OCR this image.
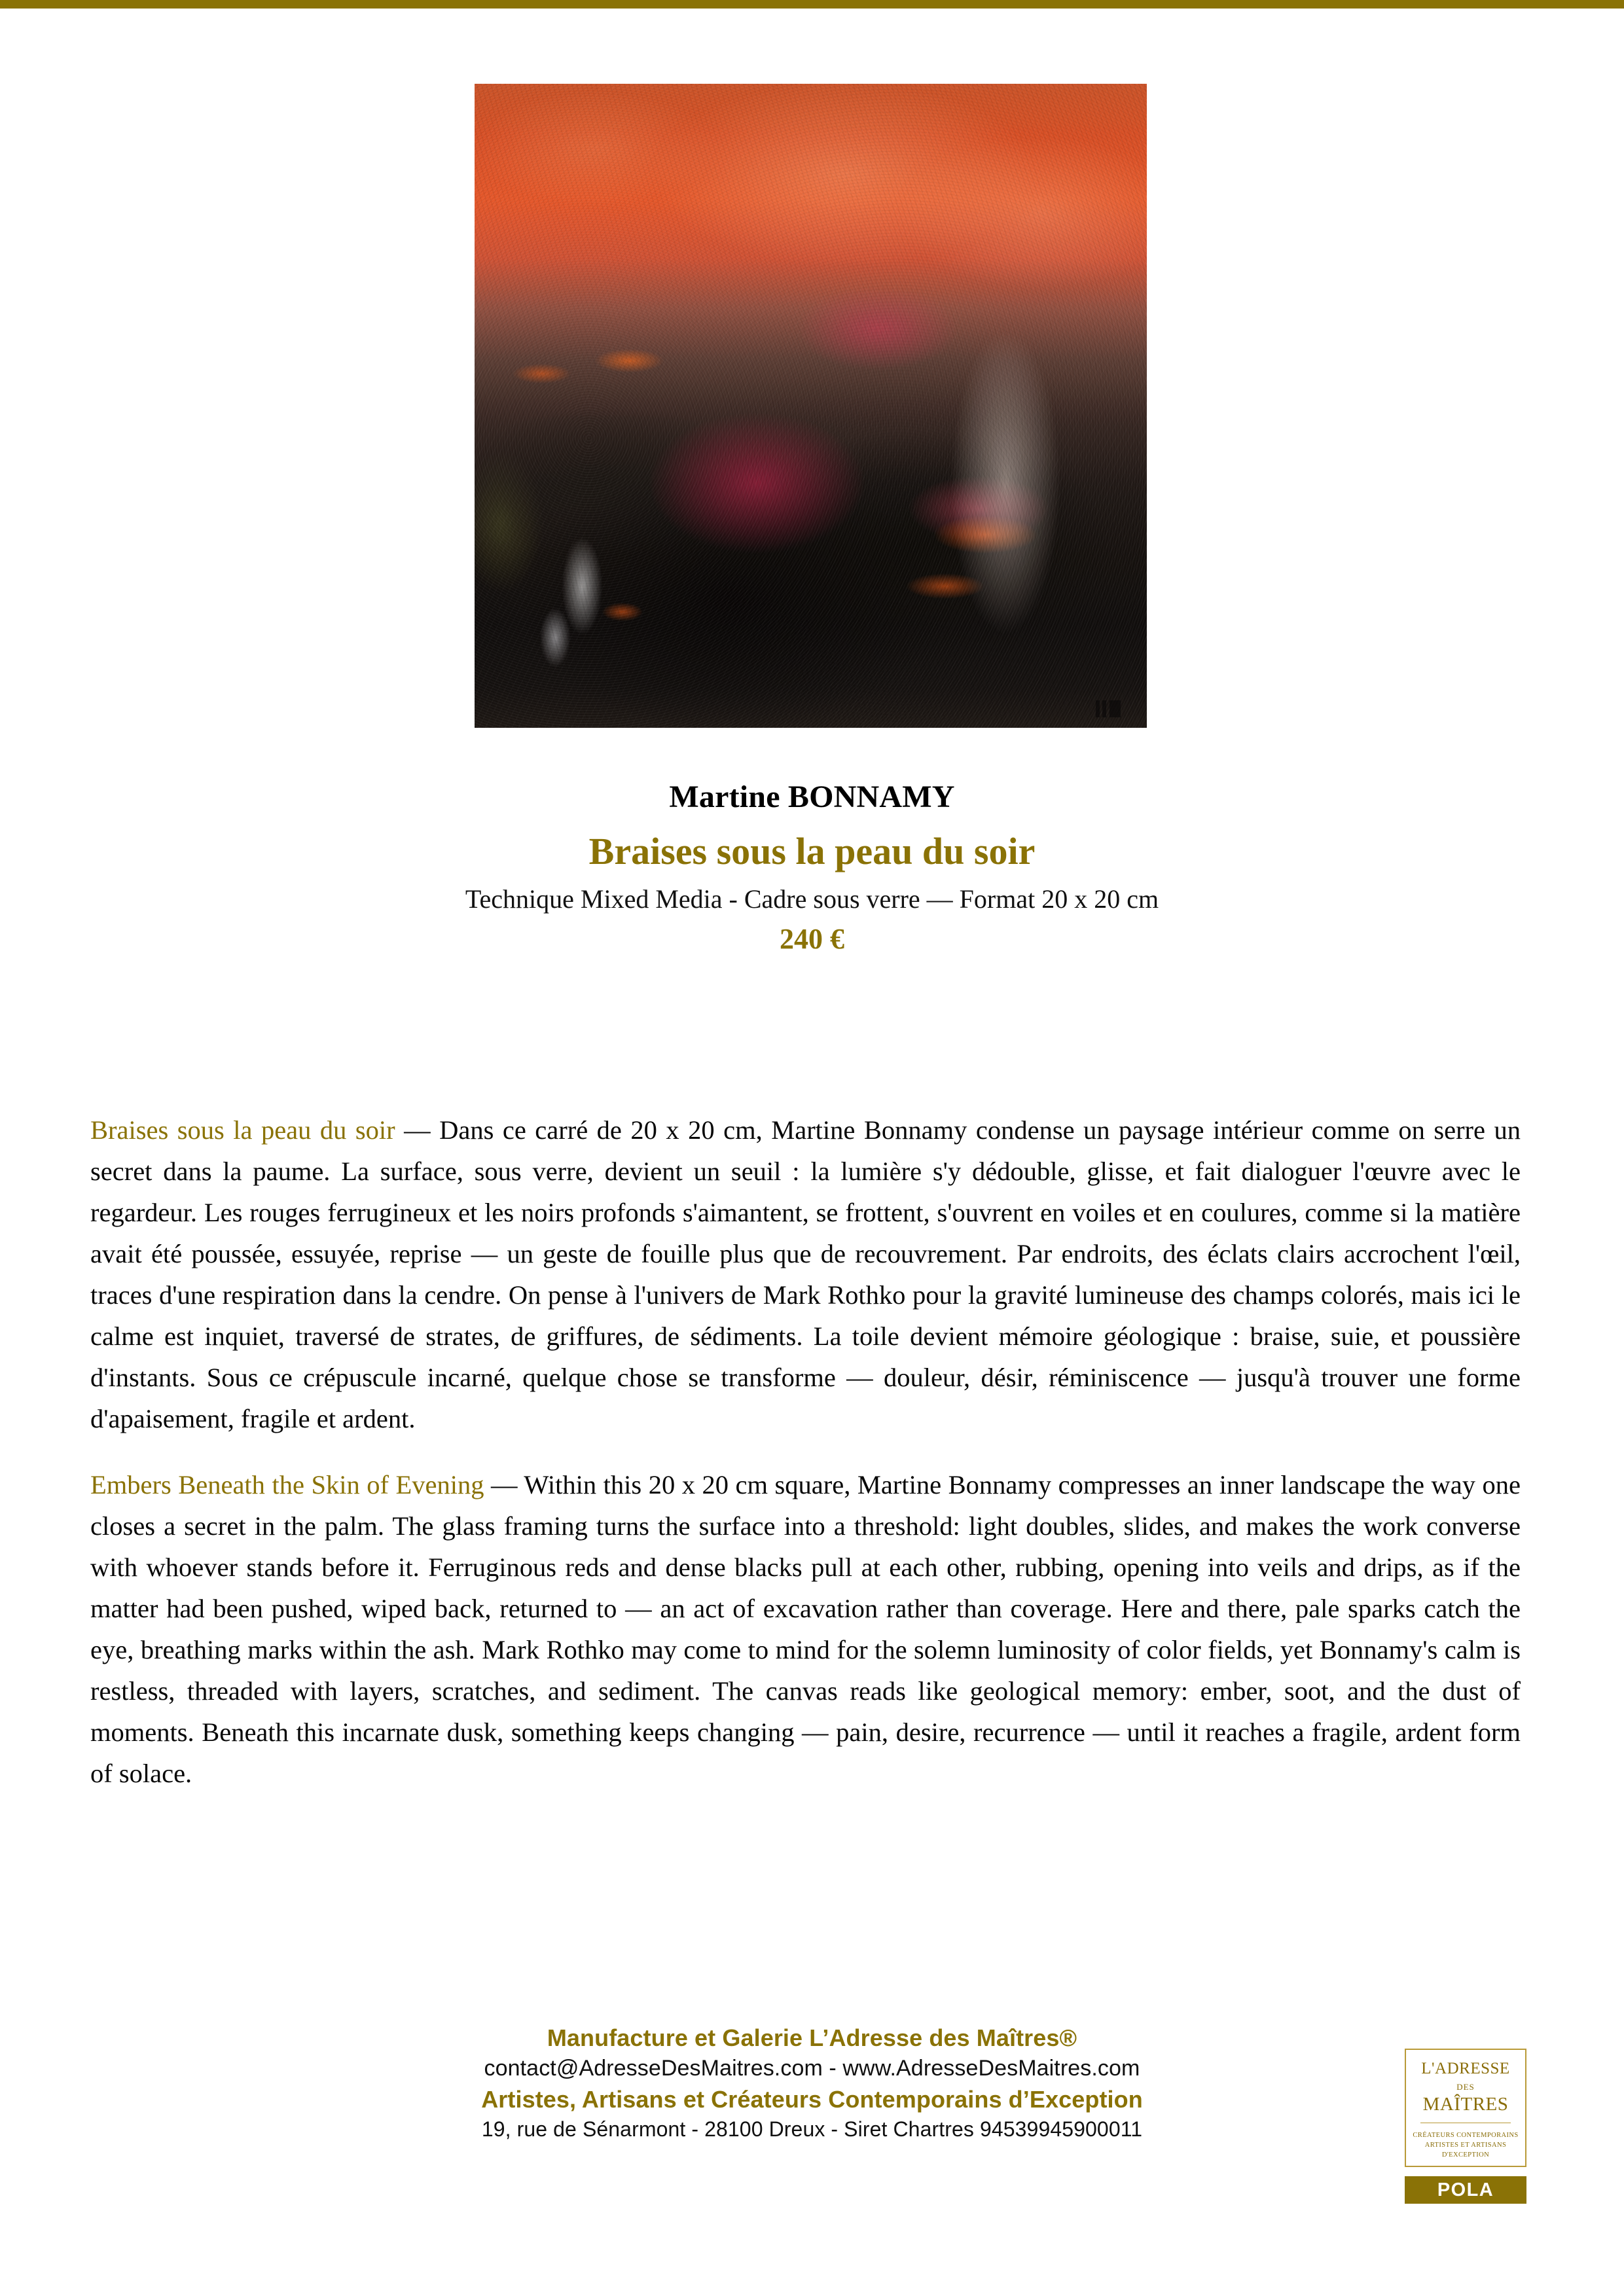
Martine BONNAMY
Braises sous la peau du soir
Technique Mixed Media - Cadre sous verre — Format 20 x 20 cm
240 €

Braises sous la peau du soir — Dans ce carré de 20 x 20 cm, Martine Bonnamy condense un paysage intérieur comme on serre un secret dans la paume. La surface, sous verre, devient un seuil : la lumière s'y dédouble, glisse, et fait dialoguer l'œuvre avec le regardeur. Les rouges ferrugineux et les noirs profonds s'aimantent, se frottent, s'ouvrent en voiles et en coulures, comme si la matière avait été poussée, essuyée, reprise — un geste de fouille plus que de recouvrement. Par endroits, des éclats clairs accrochent l'œil, traces d'une respiration dans la cendre. On pense à l'univers de Mark Rothko pour la gravité lumineuse des champs colorés, mais ici le calme est inquiet, traversé de strates, de griffures, de sédiments. La toile devient mémoire géologique : braise, suie, et poussière d'instants. Sous ce crépuscule incarné, quelque chose se transforme — douleur, désir, réminiscence — jusqu'à trouver une forme d'apaisement, fragile et ardent.

Embers Beneath the Skin of Evening — Within this 20 x 20 cm square, Martine Bonnamy compresses an inner landscape the way one closes a secret in the palm. The glass framing turns the surface into a threshold: light doubles, slides, and makes the work converse with whoever stands before it. Ferruginous reds and dense blacks pull at each other, rubbing, opening into veils and drips, as if the matter had been pushed, wiped back, returned to — an act of excavation rather than coverage. Here and there, pale sparks catch the eye, breathing marks within the ash. Mark Rothko may come to mind for the solemn luminosity of color fields, yet Bonnamy's calm is restless, threaded with layers, scratches, and sediment. The canvas reads like geological memory: ember, soot, and the dust of moments. Beneath this incarnate dusk, something keeps changing — pain, desire, recurrence — until it reaches a fragile, ardent form of solace.

Manufacture et Galerie L’Adresse des Maîtres®
contact@AdresseDesMaitres.com - www.AdresseDesMaitres.com
Artistes, Artisans et Créateurs Contemporains d’Exception
19, rue de Sénarmont - 28100 Dreux - Siret Chartres 94539945900011
L'ADRESSE
DES
MAÎTRES
CRÉATEURS CONTEMPORAINS
ARTISTES ET ARTISANS
D'EXCEPTION
POLA
